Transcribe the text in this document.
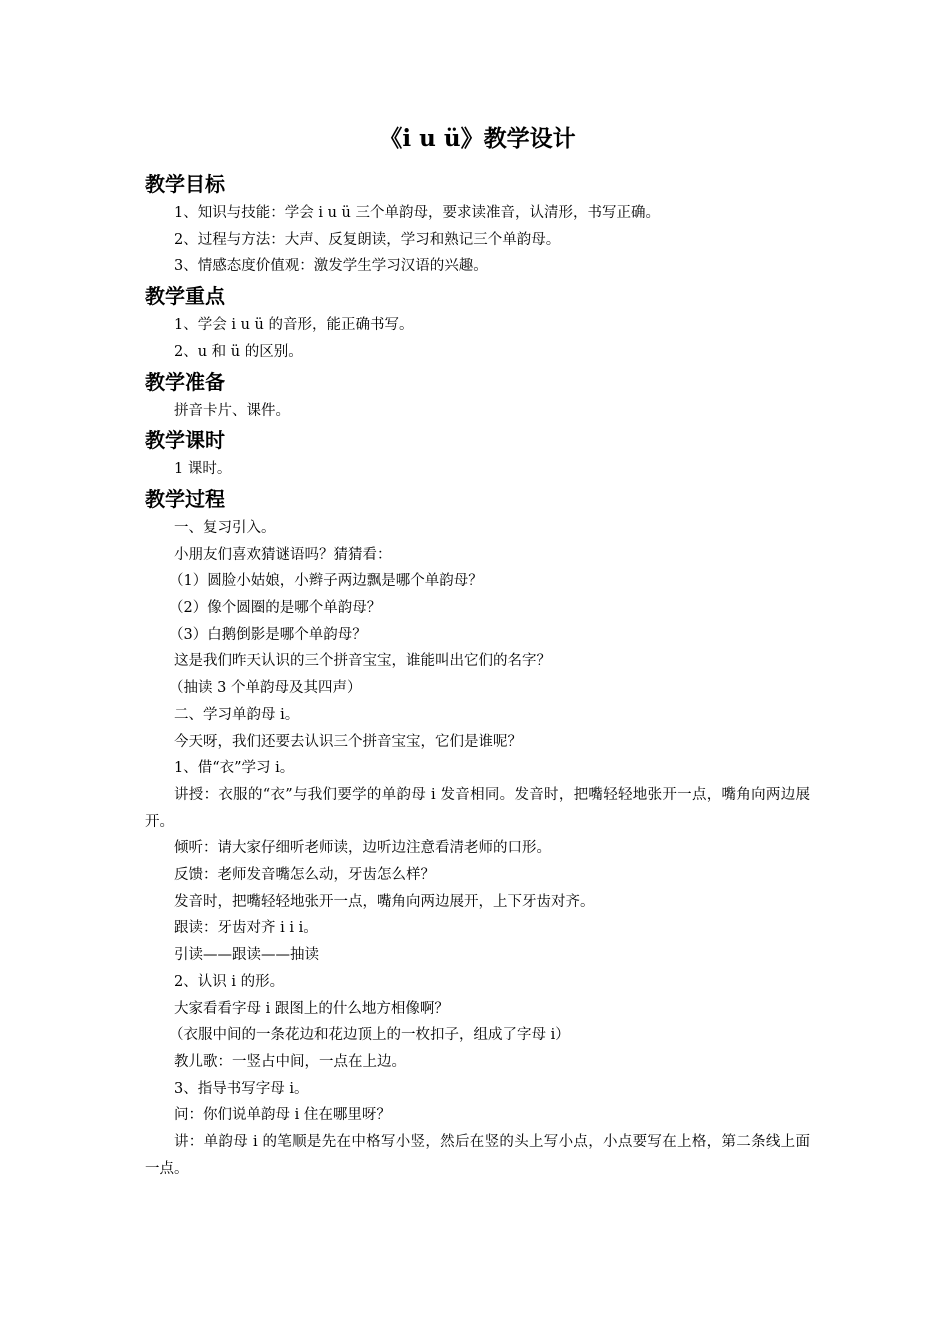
《i u ü》教学设计
教学目标

1、知识与技能：学会 i u ü 三个单韵母，要求读准音，认清形，书写正确。

2、过程与方法：大声、反复朗读，学习和熟记三个单韵母。

3、情感态度价值观：激发学生学习汉语的兴趣。

教学重点

1、学会 i u ü 的音形，能正确书写。

2、u 和 ü 的区别。

教学准备

拼音卡片、课件。

教学课时

1 课时。

教学过程

一、复习引入。

小朋友们喜欢猜谜语吗？猜猜看：

（1）圆脸小姑娘，小辫子两边飘是哪个单韵母？

（2）像个圆圈的是哪个单韵母？

（3）白鹅倒影是哪个单韵母？

这是我们昨天认识的三个拼音宝宝，谁能叫出它们的名字？

（抽读 3 个单韵母及其四声）

二、学习单韵母 i。

今天呀，我们还要去认识三个拼音宝宝，它们是谁呢？

1、借“衣”学习 i。

讲授：衣服的“衣”与我们要学的单韵母 i 发音相同。发音时，把嘴轻轻地张开一点，嘴角向两边展开。

倾听：请大家仔细听老师读，边听边注意看清老师的口形。

反馈：老师发音嘴怎么动，牙齿怎么样？

发音时，把嘴轻轻地张开一点，嘴角向两边展开，上下牙齿对齐。

跟读：牙齿对齐 i i i。

引读——跟读——抽读

2、认识 i 的形。

大家看看字母 i 跟图上的什么地方相像啊？

（衣服中间的一条花边和花边顶上的一枚扣子，组成了字母 i）

教儿歌：一竖占中间，一点在上边。

3、指导书写字母 i。

问：你们说单韵母 i 住在哪里呀？

讲：单韵母 i 的笔顺是先在中格写小竖，然后在竖的头上写小点，小点要写在上格，第二条线上面一点。
